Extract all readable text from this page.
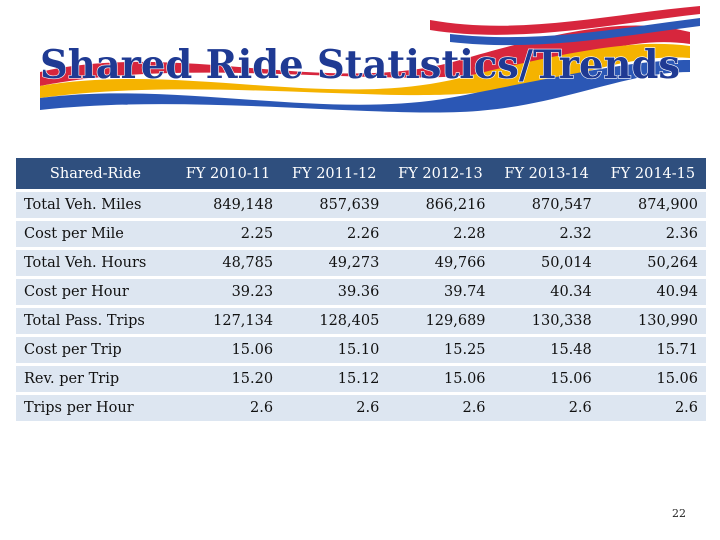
Shared Ride Statistics/Trends
Shared-Ride	FY 2010-11	FY 2011-12	FY 2012-13	FY 2013-14	FY 2014-15
Total Veh. Miles	849,148	857,639	866,216	870,547	874,900
Cost per Mile	2.25	2.26	2.28	2.32	2.36
Total Veh. Hours	48,785	49,273	49,766	50,014	50,264
Cost per Hour	39.23	39.36	39.74	40.34	40.94
Total Pass. Trips	127,134	128,405	129,689	130,338	130,990
Cost per Trip	15.06	15.10	15.25	15.48	15.71
Rev. per Trip	15.20	15.12	15.06	15.06	15.06
Trips per Hour	2.6	2.6	2.6	2.6	2.6
22
